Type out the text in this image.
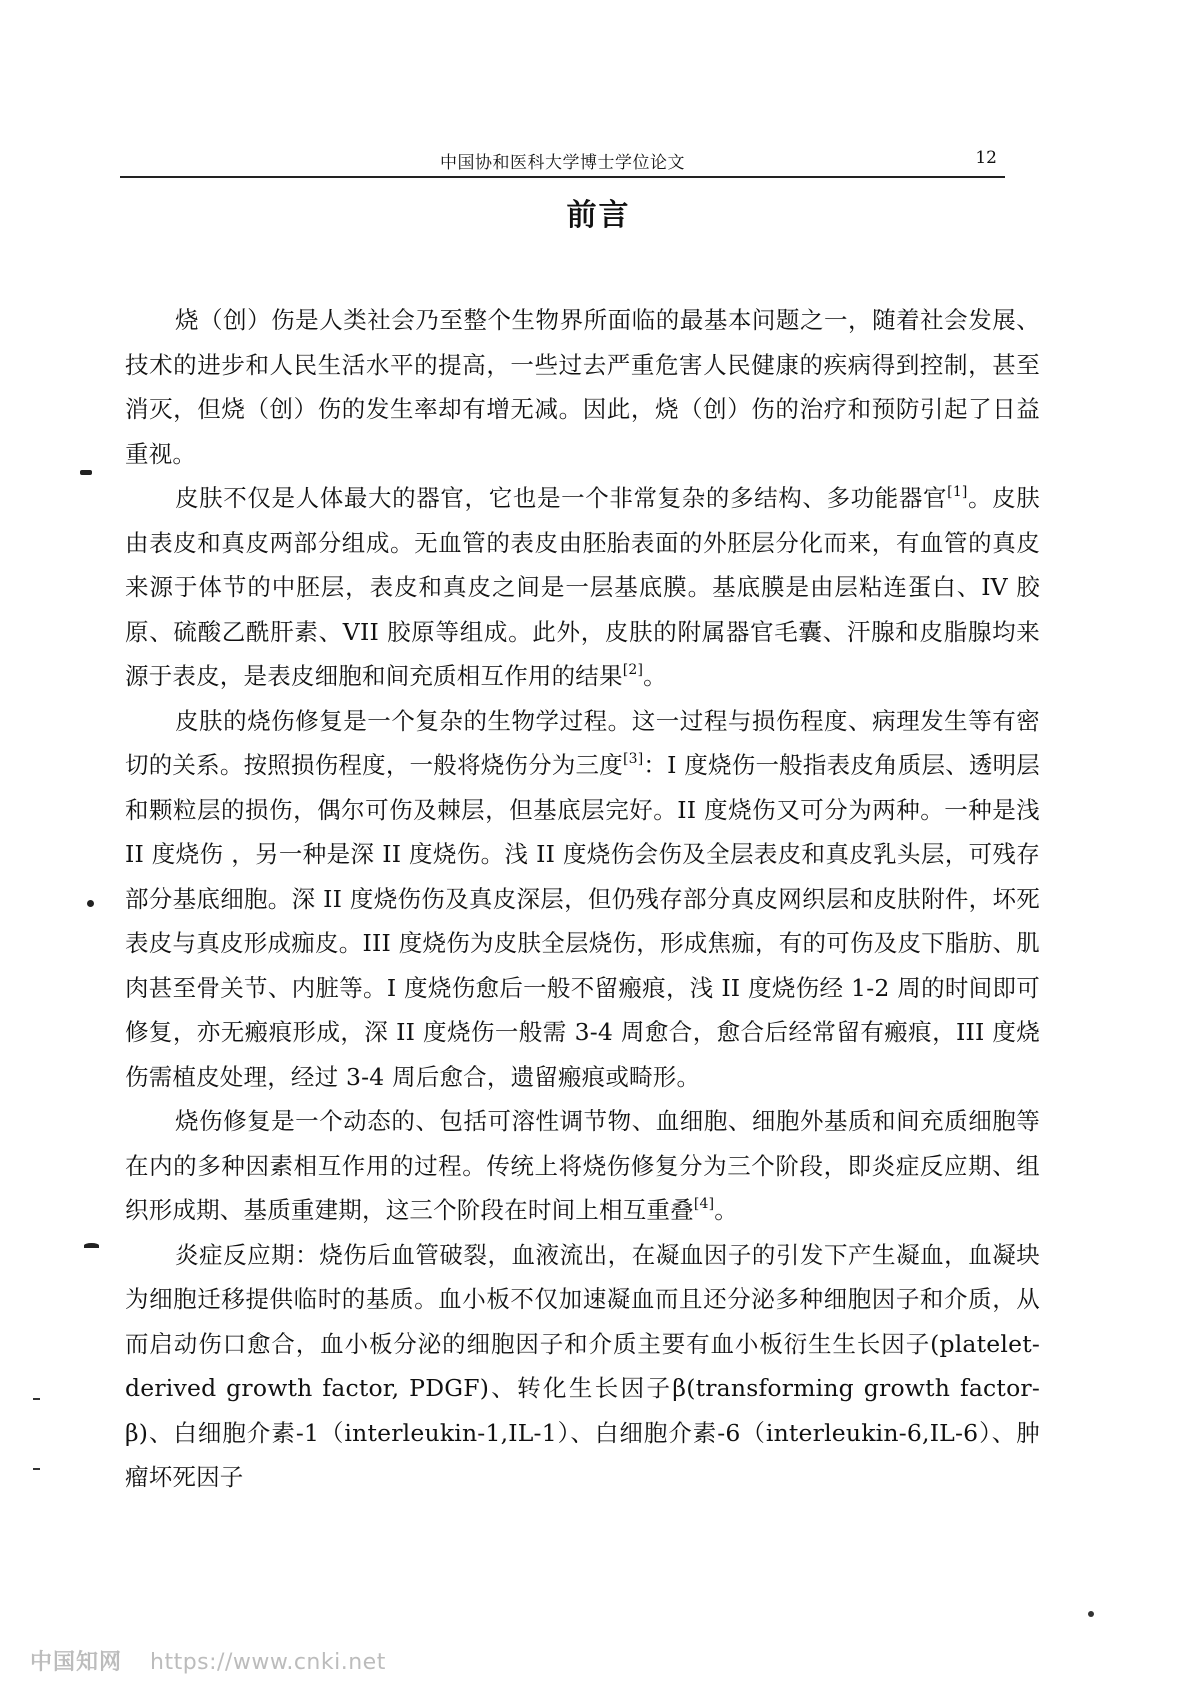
中国协和医科大学博士学位论文	12
前言

烧（创）伤是人类社会乃至整个生物界所面临的最基本问题之一，随着社会发展、技术的进步和人民生活水平的提高，一些过去严重危害人民健康的疾病得到控制，甚至消灭，但烧（创）伤的发生率却有增无减。因此，烧（创）伤的治疗和预防引起了日益重视。

皮肤不仅是人体最大的器官，它也是一个非常复杂的多结构、多功能器官[1]。皮肤由表皮和真皮两部分组成。无血管的表皮由胚胎表面的外胚层分化而来，有血管的真皮来源于体节的中胚层，表皮和真皮之间是一层基底膜。基底膜是由层粘连蛋白、IV 胶原、硫酸乙酰肝素、VII 胶原等组成。此外，皮肤的附属器官毛囊、汗腺和皮脂腺均来源于表皮，是表皮细胞和间充质相互作用的结果[2]。

皮肤的烧伤修复是一个复杂的生物学过程。这一过程与损伤程度、病理发生等有密切的关系。按照损伤程度，一般将烧伤分为三度[3]：I 度烧伤一般指表皮角质层、透明层和颗粒层的损伤，偶尔可伤及棘层，但基底层完好。II 度烧伤又可分为两种。一种是浅 II 度烧伤 ，另一种是深 II 度烧伤。浅 II 度烧伤会伤及全层表皮和真皮乳头层，可残存部分基底细胞。深 II 度烧伤伤及真皮深层，但仍残存部分真皮网织层和皮肤附件，坏死表皮与真皮形成痂皮。III 度烧伤为皮肤全层烧伤，形成焦痂，有的可伤及皮下脂肪、肌肉甚至骨关节、内脏等。I 度烧伤愈后一般不留瘢痕，浅 II 度烧伤经 1-2 周的时间即可修复，亦无瘢痕形成，深 II 度烧伤一般需 3-4 周愈合，愈合后经常留有瘢痕，III 度烧伤需植皮处理，经过 3-4 周后愈合，遗留瘢痕或畸形。

烧伤修复是一个动态的、包括可溶性调节物、血细胞、细胞外基质和间充质细胞等在内的多种因素相互作用的过程。传统上将烧伤修复分为三个阶段，即炎症反应期、组织形成期、基质重建期，这三个阶段在时间上相互重叠[4]。

炎症反应期：烧伤后血管破裂，血液流出，在凝血因子的引发下产生凝血，血凝块为细胞迁移提供临时的基质。血小板不仅加速凝血而且还分泌多种细胞因子和介质，从而启动伤口愈合，血小板分泌的细胞因子和介质主要有血小板衍生生长因子(platelet-derived growth factor, PDGF)、转化生长因子β(transforming growth factor-β)、白细胞介素-1（interleukin-1,IL-1）、白细胞介素-6（interleukin-6,IL-6）、肿瘤坏死因子

中国知网 https://www.cnki.net
